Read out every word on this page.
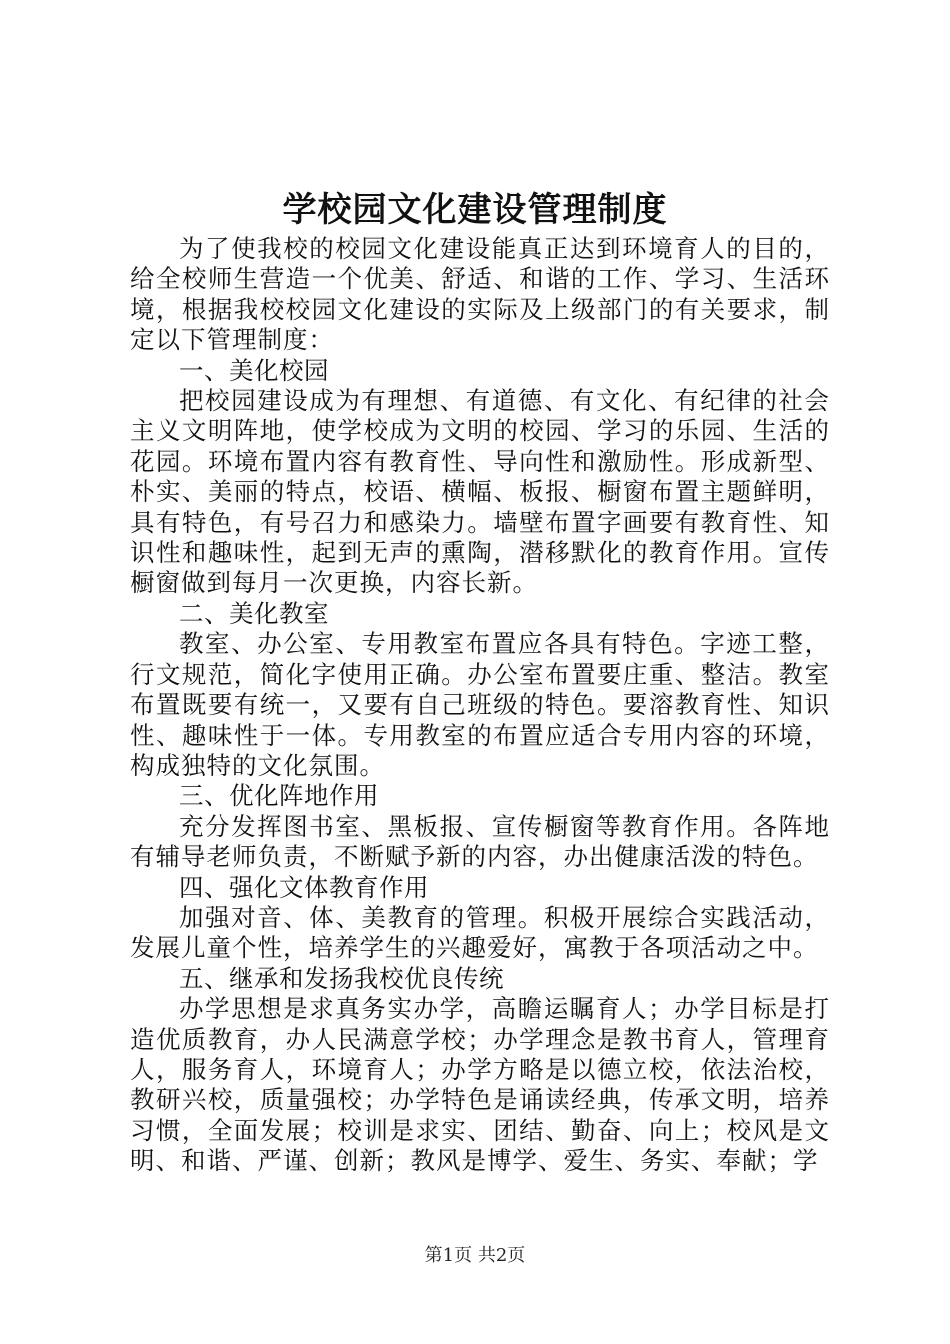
学校园文化建设管理制度

为了使我校的校园文化建设能真正达到环境育人的目的，给全校师生营造一个优美、舒适、和谐的工作、学习、生活环境，根据我校校园文化建设的实际及上级部门的有关要求，制定以下管理制度：

一、美化校园

把校园建设成为有理想、有道德、有文化、有纪律的社会主义文明阵地，使学校成为文明的校园、学习的乐园、生活的花园。环境布置内容有教育性、导向性和激励性。形成新型、朴实、美丽的特点，校语、横幅、板报、橱窗布置主题鲜明，具有特色，有号召力和感染力。墙壁布置字画要有教育性、知识性和趣味性，起到无声的熏陶，潜移默化的教育作用。宣传橱窗做到每月一次更换，内容长新。

二、美化教室

教室、办公室、专用教室布置应各具有特色。字迹工整，行文规范，简化字使用正确。办公室布置要庄重、整洁。教室布置既要有统一，又要有自己班级的特色。要溶教育性、知识性、趣味性于一体。专用教室的布置应适合专用内容的环境，构成独特的文化氛围。

三、优化阵地作用

充分发挥图书室、黑板报、宣传橱窗等教育作用。各阵地有辅导老师负责，不断赋予新的内容，办出健康活泼的特色。

四、强化文体教育作用

加强对音、体、美教育的管理。积极开展综合实践活动，发展儿童个性，培养学生的兴趣爱好，寓教于各项活动之中。

五、继承和发扬我校优良传统

办学思想是求真务实办学，高瞻运瞩育人；办学目标是打造优质教育，办人民满意学校；办学理念是教书育人，管理育人，服务育人，环境育人；办学方略是以德立校，依法治校，教研兴校，质量强校；办学特色是诵读经典，传承文明，培养习惯，全面发展；校训是求实、团结、勤奋、向上；校风是文明、和谐、严谨、创新；教风是博学、爱生、务实、奉献；学

第1页 共2页
